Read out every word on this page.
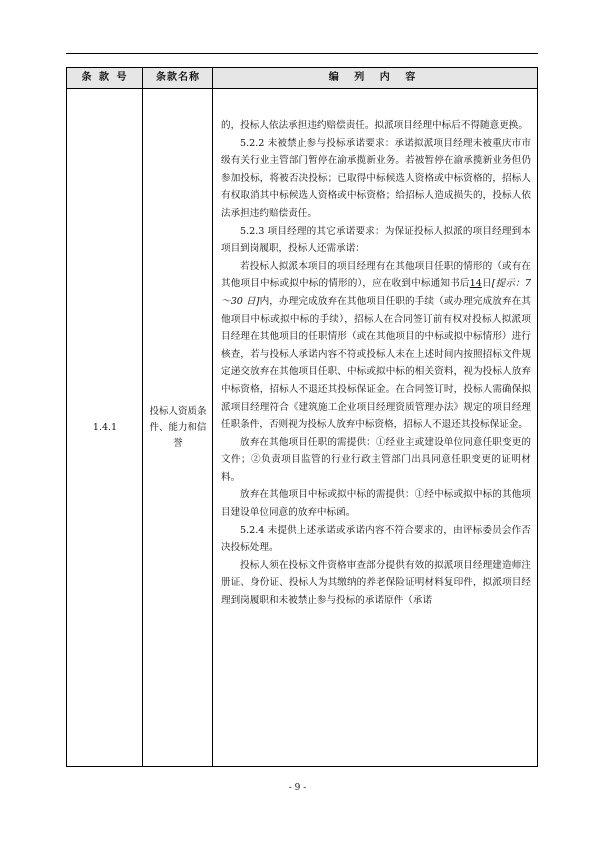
条 款 号	条款名称	编 列 内 容
1.4.1
投标人资质条件、能力和信誉

的，投标人依法承担违约赔偿责任。拟派项目经理中标后不得随意更换。

5.2.2 未被禁止参与投标承诺要求：承诺拟派项目经理未被重庆市市级有关行业主管部门暂停在渝承揽新业务。若被暂停在渝承揽新业务但仍参加投标，将被否决投标；已取得中标候选人资格或中标资格的，招标人有权取消其中标候选人资格或中标资格；给招标人造成损失的，投标人依法承担违约赔偿责任。

5.2.3 项目经理的其它承诺要求：为保证投标人拟派的项目经理到本项目到岗履职，投标人还需承诺：

若投标人拟派本项目的项目经理有在其他项目任职的情形的（或有在其他项目中标或拟中标的情形的），应在收到中标通知书后14日[提示：7～30 日]内，办理完成放弃在其他项目任职的手续（或办理完成放弃在其他项目中标或拟中标的手续），招标人在合同签订前有权对投标人拟派项目经理在其他项目的任职情形（或在其他项目的中标或拟中标情形）进行核查，若与投标人承诺内容不符或投标人未在上述时间内按照招标文件规定递交放弃在其他项目任职、中标或拟中标的相关资料，视为投标人放弃中标资格，招标人不退还其投标保证金。在合同签订时，投标人需确保拟派项目经理符合《建筑施工企业项目经理资质管理办法》规定的项目经理任职条件，否则视为投标人放弃中标资格，招标人不退还其投标保证金。

放弃在其他项目任职的需提供：①经业主或建设单位同意任职变更的文件；②负责项目监管的行业行政主管部门出具同意任职变更的证明材料。

放弃在其他项目中标或拟中标的需提供：①经中标或拟中标的其他项目建设单位同意的放弃中标函。

5.2.4 未提供上述承诺或承诺内容不符合要求的，由评标委员会作否决投标处理。

投标人须在投标文件资格审查部分提供有效的拟派项目经理建造师注册证、身份证、投标人为其缴纳的养老保险证明材料复印件，拟派项目经理到岗履职和未被禁止参与投标的承诺原件（承诺

- 9 -
